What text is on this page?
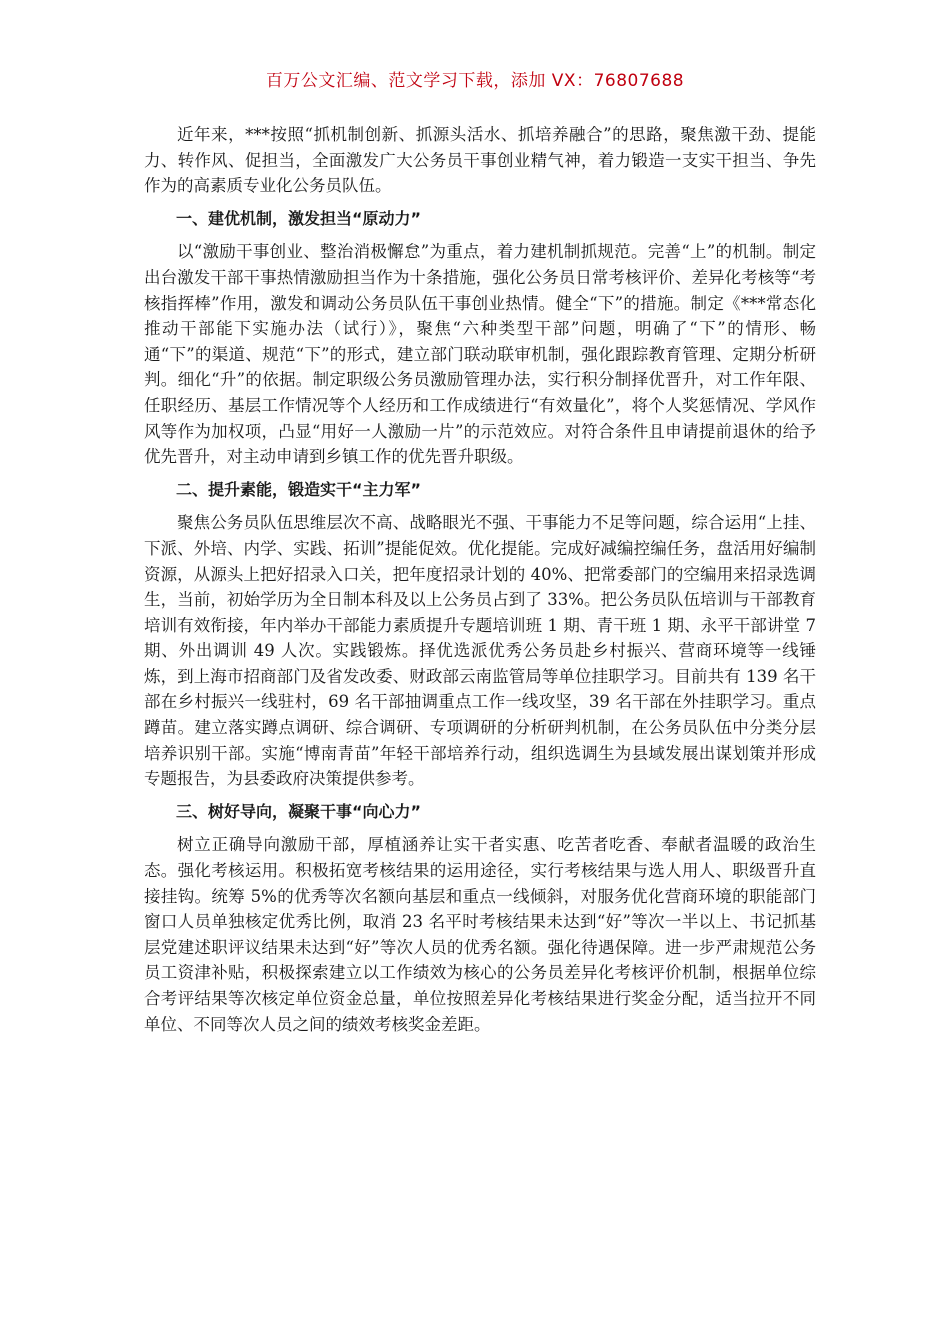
百万公文汇编、范文学习下载，添加 VX：76807688

近年来，***按照“抓机制创新、抓源头活水、抓培养融合”的思路，聚焦激干劲、提能力、转作风、促担当，全面激发广大公务员干事创业精气神，着力锻造一支实干担当、争先作为的高素质专业化公务员队伍。

一、建优机制，激发担当“原动力”

以“激励干事创业、整治消极懈怠”为重点，着力建机制抓规范。完善“上”的机制。制定出台激发干部干事热情激励担当作为十条措施，强化公务员日常考核评价、差异化考核等“考核指挥棒”作用，激发和调动公务员队伍干事创业热情。健全“下”的措施。制定《***常态化推动干部能下实施办法（试行）》，聚焦“六种类型干部”问题，明确了“下”的情形、畅通“下”的渠道、规范“下”的形式，建立部门联动联审机制，强化跟踪教育管理、定期分析研判。细化“升”的依据。制定职级公务员激励管理办法，实行积分制择优晋升，对工作年限、任职经历、基层工作情况等个人经历和工作成绩进行“有效量化”，将个人奖惩情况、学风作风等作为加权项，凸显“用好一人激励一片”的示范效应。对符合条件且申请提前退休的给予优先晋升，对主动申请到乡镇工作的优先晋升职级。

二、提升素能，锻造实干“主力军”

聚焦公务员队伍思维层次不高、战略眼光不强、干事能力不足等问题，综合运用“上挂、下派、外培、内学、实践、拓训”提能促效。优化提能。完成好减编控编任务，盘活用好编制资源，从源头上把好招录入口关，把年度招录计划的 40%、把常委部门的空编用来招录选调生，当前，初始学历为全日制本科及以上公务员占到了 33%。把公务员队伍培训与干部教育培训有效衔接，年内举办干部能力素质提升专题培训班 1 期、青干班 1 期、永平干部讲堂 7 期、外出调训 49 人次。实践锻炼。择优选派优秀公务员赴乡村振兴、营商环境等一线锤炼，到上海市招商部门及省发改委、财政部云南监管局等单位挂职学习。目前共有 139 名干部在乡村振兴一线驻村，69 名干部抽调重点工作一线攻坚，39 名干部在外挂职学习。重点蹲苗。建立落实蹲点调研、综合调研、专项调研的分析研判机制，在公务员队伍中分类分层培养识别干部。实施“博南青苗”年轻干部培养行动，组织选调生为县域发展出谋划策并形成专题报告，为县委政府决策提供参考。

三、树好导向，凝聚干事“向心力”

树立正确导向激励干部，厚植涵养让实干者实惠、吃苦者吃香、奉献者温暖的政治生态。强化考核运用。积极拓宽考核结果的运用途径，实行考核结果与选人用人、职级晋升直接挂钩。统筹 5%的优秀等次名额向基层和重点一线倾斜，对服务优化营商环境的职能部门窗口人员单独核定优秀比例，取消 23 名平时考核结果未达到“好”等次一半以上、书记抓基层党建述职评议结果未达到“好”等次人员的优秀名额。强化待遇保障。进一步严肃规范公务员工资津补贴，积极探索建立以工作绩效为核心的公务员差异化考核评价机制，根据单位综合考评结果等次核定单位资金总量，单位按照差异化考核结果进行奖金分配，适当拉开不同单位、不同等次人员之间的绩效考核奖金差距。
